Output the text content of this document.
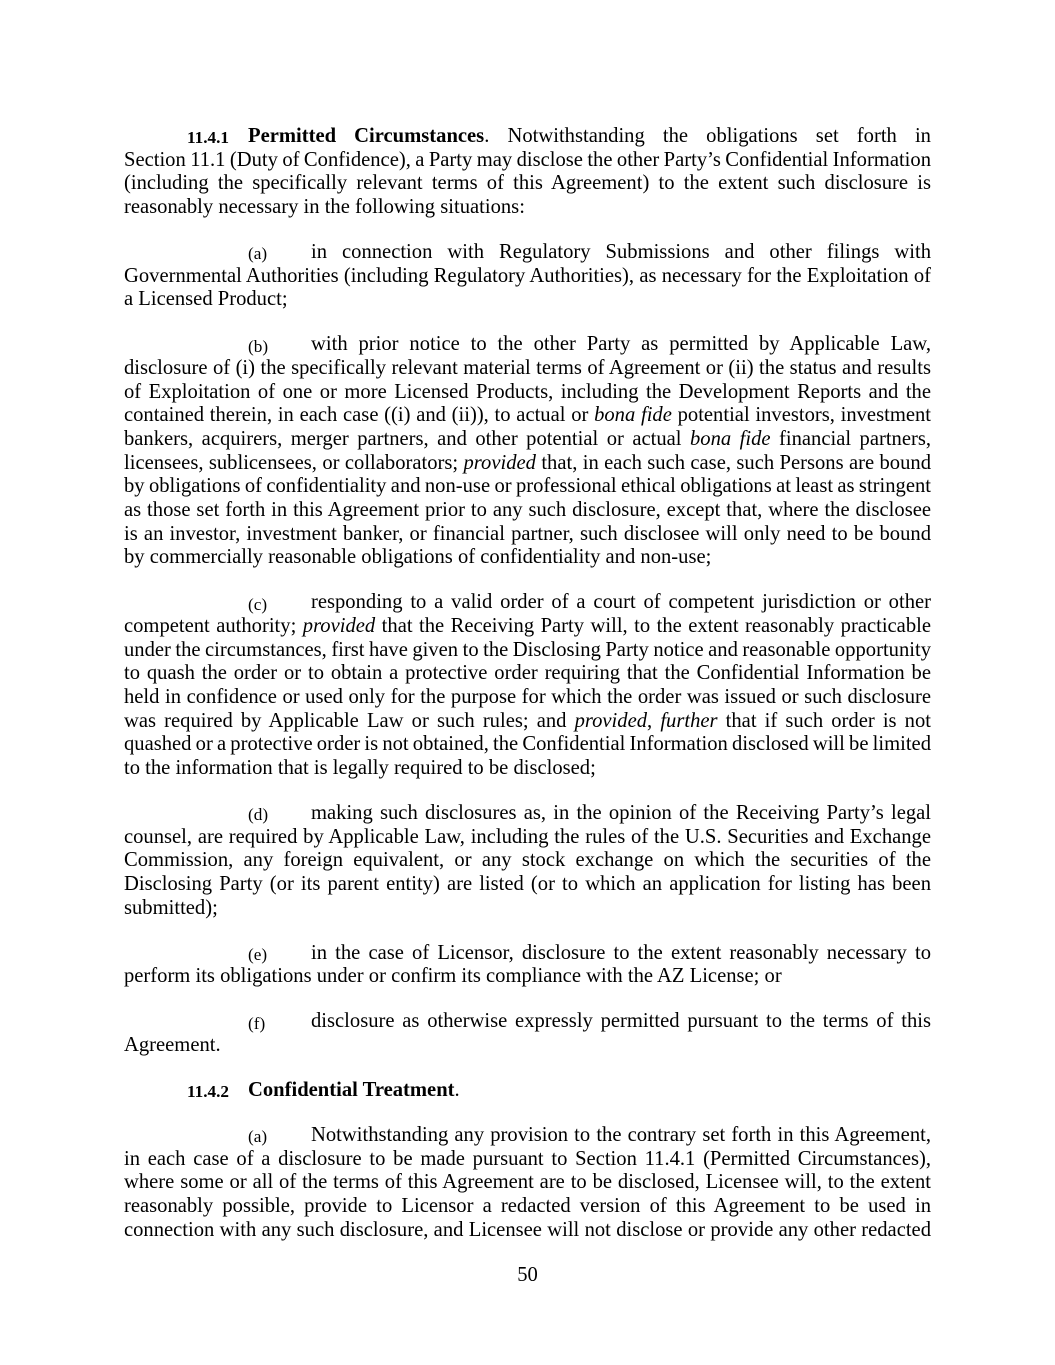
11.4.1 Permitted Circumstances. Notwithstanding the obligations set forth in
Section 11.1 (Duty of Confidence), a Party may disclose the other Party’s Confidential Information
(including the specifically relevant terms of this Agreement) to the extent such disclosure is
reasonably necessary in the following situations:
(a) in connection with Regulatory Submissions and other filings with
Governmental Authorities (including Regulatory Authorities), as necessary for the Exploitation of
a Licensed Product;
(b) with prior notice to the other Party as permitted by Applicable Law,
disclosure of (i) the specifically relevant material terms of Agreement or (ii) the status and results
of Exploitation of one or more Licensed Products, including the Development Reports and the
contained therein, in each case ((i) and (ii)), to actual or bona fide potential investors, investment
bankers, acquirers, merger partners, and other potential or actual bona fide financial partners,
licensees, sublicensees, or collaborators; provided that, in each such case, such Persons are bound
by obligations of confidentiality and non-use or professional ethical obligations at least as stringent
as those set forth in this Agreement prior to any such disclosure, except that, where the disclosee
is an investor, investment banker, or financial partner, such disclosee will only need to be bound
by commercially reasonable obligations of confidentiality and non-use;
(c) responding to a valid order of a court of competent jurisdiction or other
competent authority; provided that the Receiving Party will, to the extent reasonably practicable
under the circumstances, first have given to the Disclosing Party notice and reasonable opportunity
to quash the order or to obtain a protective order requiring that the Confidential Information be
held in confidence or used only for the purpose for which the order was issued or such disclosure
was required by Applicable Law or such rules; and provided, further that if such order is not
quashed or a protective order is not obtained, the Confidential Information disclosed will be limited
to the information that is legally required to be disclosed;
(d) making such disclosures as, in the opinion of the Receiving Party’s legal
counsel, are required by Applicable Law, including the rules of the U.S. Securities and Exchange
Commission, any foreign equivalent, or any stock exchange on which the securities of the
Disclosing Party (or its parent entity) are listed (or to which an application for listing has been
submitted);
(e) in the case of Licensor, disclosure to the extent reasonably necessary to
perform its obligations under or confirm its compliance with the AZ License; or
(f) disclosure as otherwise expressly permitted pursuant to the terms of this
Agreement.
11.4.2 Confidential Treatment.
(a) Notwithstanding any provision to the contrary set forth in this Agreement,
in each case of a disclosure to be made pursuant to Section 11.4.1 (Permitted Circumstances),
where some or all of the terms of this Agreement are to be disclosed, Licensee will, to the extent
reasonably possible, provide to Licensor a redacted version of this Agreement to be used in
connection with any such disclosure, and Licensee will not disclose or provide any other redacted
50
